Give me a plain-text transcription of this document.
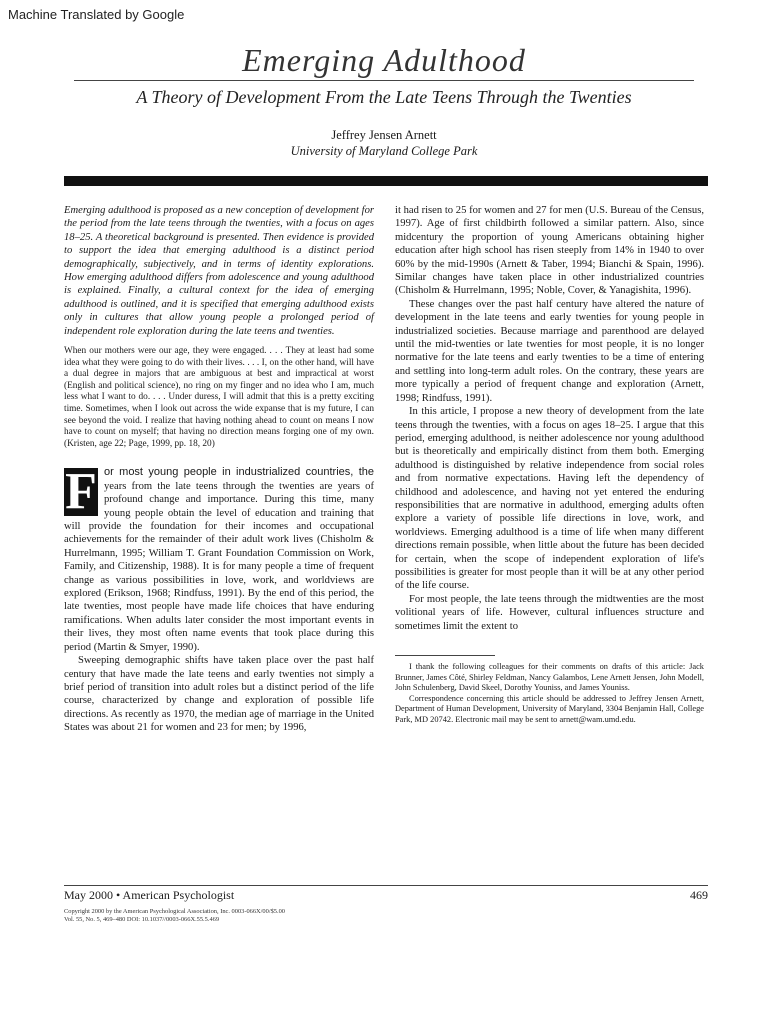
Machine Translated by Google
Emerging Adulthood
A Theory of Development From the Late Teens Through the Twenties
Jeffrey Jensen Arnett
University of Maryland College Park

Emerging adulthood is proposed as a new conception of development for the period from the late teens through the twenties, with a focus on ages 18–25. A theoretical background is presented. Then evidence is provided to support the idea that emerging adulthood is a distinct period demographically, subjectively, and in terms of identity explorations. How emerging adulthood differs from adolescence and young adulthood is explained. Finally, a cultural context for the idea of emerging adulthood is outlined, and it is specified that emerging adulthood exists only in cultures that allow young people a prolonged period of independent role exploration during the late teens and twenties.

When our mothers were our age, they were engaged. . . . They at least had some idea what they were going to do with their lives. . . . I, on the other hand, will have a dual degree in majors that are ambiguous at best and impractical at worst (English and political science), no ring on my finger and no idea who I am, much less what I want to do. . . . Under duress, I will admit that this is a pretty exciting time. Sometimes, when I look out across the wide expanse that is my future, I can see beyond the void. I realize that having nothing ahead to count on means I now have to count on myself; that having no direction means forging one of my own. (Kristen, age 22; Page, 1999, pp. 18, 20)

F or most young people in industrialized countries, the years from the late teens through the twenties are years of profound change and importance. During this time, many young people obtain the level of education and training that will provide the foundation for their incomes and occupational achievements for the remainder of their adult work lives (Chisholm & Hurrelmann, 1995; William T. Grant Foundation Commission on Work, Family, and Citizenship, 1988). It is for many people a time of frequent change as various possibilities in love, work, and worldviews are explored (Erikson, 1968; Rindfuss, 1991). By the end of this period, the late twenties, most people have made life choices that have enduring ramifications. When adults later consider the most important events in their lives, they most often name events that took place during this period (Martin & Smyer, 1990).

Sweeping demographic shifts have taken place over the past half century that have made the late teens and early twenties not simply a brief period of transition into adult roles but a distinct period of the life course, characterized by change and exploration of possible life directions. As recently as 1970, the median age of marriage in the United States was about 21 for women and 23 for men; by 1996,

it had risen to 25 for women and 27 for men (U.S. Bureau of the Census, 1997). Age of first childbirth followed a similar pattern. Also, since midcentury the proportion of young Americans obtaining higher education after high school has risen steeply from 14% in 1940 to over 60% by the mid-1990s (Arnett & Taber, 1994; Bianchi & Spain, 1996). Similar changes have taken place in other industrialized countries (Chisholm & Hurrelmann, 1995; Noble, Cover, & Yanagishita, 1996).

These changes over the past half century have altered the nature of development in the late teens and early twenties for young people in industrialized societies. Because marriage and parenthood are delayed until the mid-twenties or late twenties for most people, it is no longer normative for the late teens and early twenties to be a time of entering and settling into long-term adult roles. On the contrary, these years are more typically a period of frequent change and exploration (Arnett, 1998; Rindfuss, 1991).

In this article, I propose a new theory of development from the late teens through the twenties, with a focus on ages 18–25. I argue that this period, emerging adulthood, is neither adolescence nor young adulthood but is theoretically and empirically distinct from them both. Emerging adulthood is distinguished by relative independence from social roles and from normative expectations. Having left the dependency of childhood and adolescence, and having not yet entered the enduring responsibilities that are normative in adulthood, emerging adults often explore a variety of possible life directions in love, work, and worldviews. Emerging adulthood is a time of life when many different directions remain possible, when little about the future has been decided for certain, when the scope of independent exploration of life's possibilities is greater for most people than it will be at any other period of the life course.

For most people, the late teens through the midtwenties are the most volitional years of life. However, cultural influences structure and sometimes limit the extent to

I thank the following colleagues for their comments on drafts of this article: Jack Brunner, James Côté, Shirley Feldman, Nancy Galambos, Lene Arnett Jensen, John Modell, John Schulenberg, David Skeel, Dorothy Youniss, and James Youniss.

Correspondence concerning this article should be addressed to Jeffrey Jensen Arnett, Department of Human Development, University of Maryland, 3304 Benjamin Hall, College Park, MD 20742. Electronic mail may be sent to arnett@wam.umd.edu.

May 2000 • American Psychologist	469
Copyright 2000 by the American Psychological Association, Inc. 0003-066X/00/$5.00
Vol. 55, No. 5, 469–480 DOI: 10.1037//0003-066X.55.5.469
